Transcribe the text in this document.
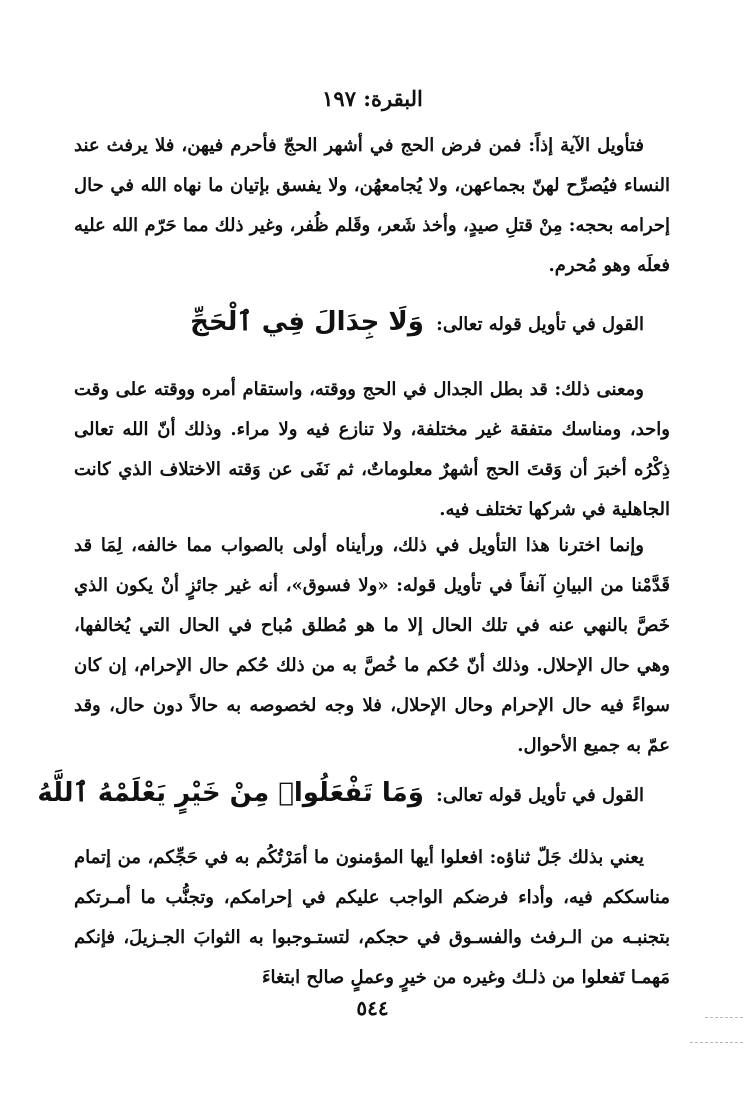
البقرة: ١٩٧

فتأويل الآية إذاً: فمن فرض الحج في أشهر الحجّ فأحرم فيهن، فلا يرفث عند النساء فيُصرِّح لهنّ بجماعهن، ولا يُجامعهُن، ولا يفسق بإتيان ما نهاه الله في حال إحرامه بحجه: مِنْ قتلِ صيدٍ، وأخذ شَعر، وقَلم ظُفر، وغير ذلك مما حَرّم الله عليه فعلَه وهو مُحرم.

القول في تأويل قوله تعالى: وَلَا جِدَالَ فِي ٱلْحَجِّ

ومعنى ذلك: قد بطل الجدال في الحج ووقته، واستقام أمره ووقته على وقت واحد، ومناسك متفقة غير مختلفة، ولا تنازع فيه ولا مراء. وذلك أنّ الله تعالى ذِكْرُه أخبرَ أن وَقتَ الحج أشهرٌ معلوماتٌ، ثم نَفَى عن وَقته الاختلاف الذي كانت الجاهلية في شركها تختلف فيه.

وإنما اخترنا هذا التأويل في ذلك، ورأيناه أولى بالصواب مما خالفه، لِمَا قد قَدَّمْنا من البيانِ آنفاً في تأويل قوله: «ولا فسوق»، أنه غير جائزٍ أنْ يكون الذي خَصَّ بالنهي عنه في تلك الحال إلا ما هو مُطلق مُباح في الحال التي يُخالفها، وهي حال الإحلال. وذلك أنّ حُكم ما خُصَّ به من ذلك حُكم حال الإحرام، إن كان سواءً فيه حال الإحرام وحال الإحلال، فلا وجه لخصوصه به حالاً دون حال، وقد عمّ به جميع الأحوال.

القول في تأويل قوله تعالى: وَمَا تَفْعَلُوا۟ مِنْ خَيْرٍ يَعْلَمْهُ ٱللَّهُ

يعني بذلك جَلّ ثناؤه: افعلوا أيها المؤمنون ما أمَرْتُكُم به في حَجِّكم، من إتمام مناسككم فيه، وأداء فرضكم الواجب عليكم في إحرامكم، وتجنُّب ما أمـرتكم بتجنبـه من الـرفث والفسـوق في حجكم، لتستـوجبوا به الثوابَ الجـزيلَ، فإنكم مَهمـا تَفعلوا من ذلـك وغيره من خيرٍ وعملٍ صالح ابتغاءَ

٥٤٤
